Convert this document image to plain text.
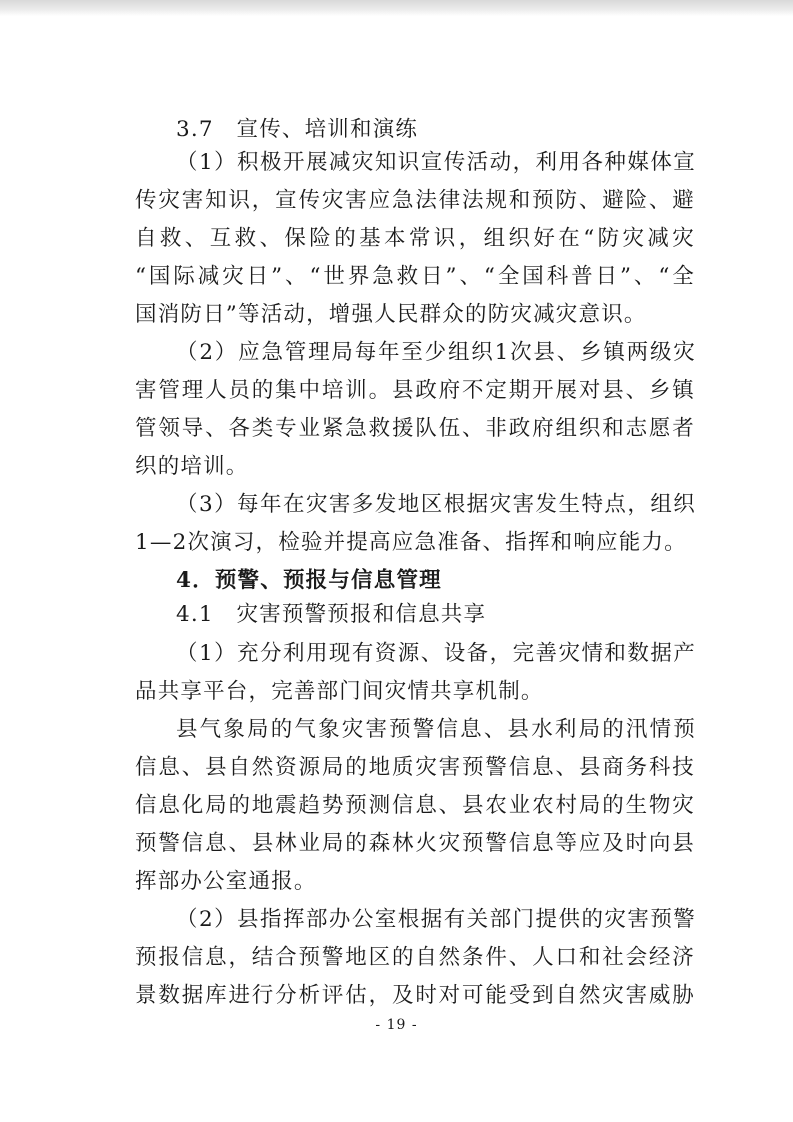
3.7　宣传、培训和演练
（1）积极开展减灾知识宣传活动，利用各种媒体宣
传灾害知识，宣传灾害应急法律法规和预防、避险、避
自救、互救、保险的基本常识，组织好在“防灾减灾
“国际减灾日”、“世界急救日”、“全国科普日”、“全
国消防日”等活动，增强人民群众的防灾减灾意识。
（2）应急管理局每年至少组织1次县、乡镇两级灾
害管理人员的集中培训。县政府不定期开展对县、乡镇
管领导、各类专业紧急救援队伍、非政府组织和志愿者
织的培训。
（3）每年在灾害多发地区根据灾害发生特点，组织
1—2次演习，检验并提高应急准备、指挥和响应能力。
4．预警、预报与信息管理
4.1　灾害预警预报和信息共享
（1）充分利用现有资源、设备，完善灾情和数据产
品共享平台，完善部门间灾情共享机制。
县气象局的气象灾害预警信息、县水利局的汛情预
信息、县自然资源局的地质灾害预警信息、县商务科技
信息化局的地震趋势预测信息、县农业农村局的生物灾
预警信息、县林业局的森林火灾预警信息等应及时向县
挥部办公室通报。
（2）县指挥部办公室根据有关部门提供的灾害预警
预报信息，结合预警地区的自然条件、人口和社会经济
景数据库进行分析评估，及时对可能受到自然灾害威胁
- 19 -
